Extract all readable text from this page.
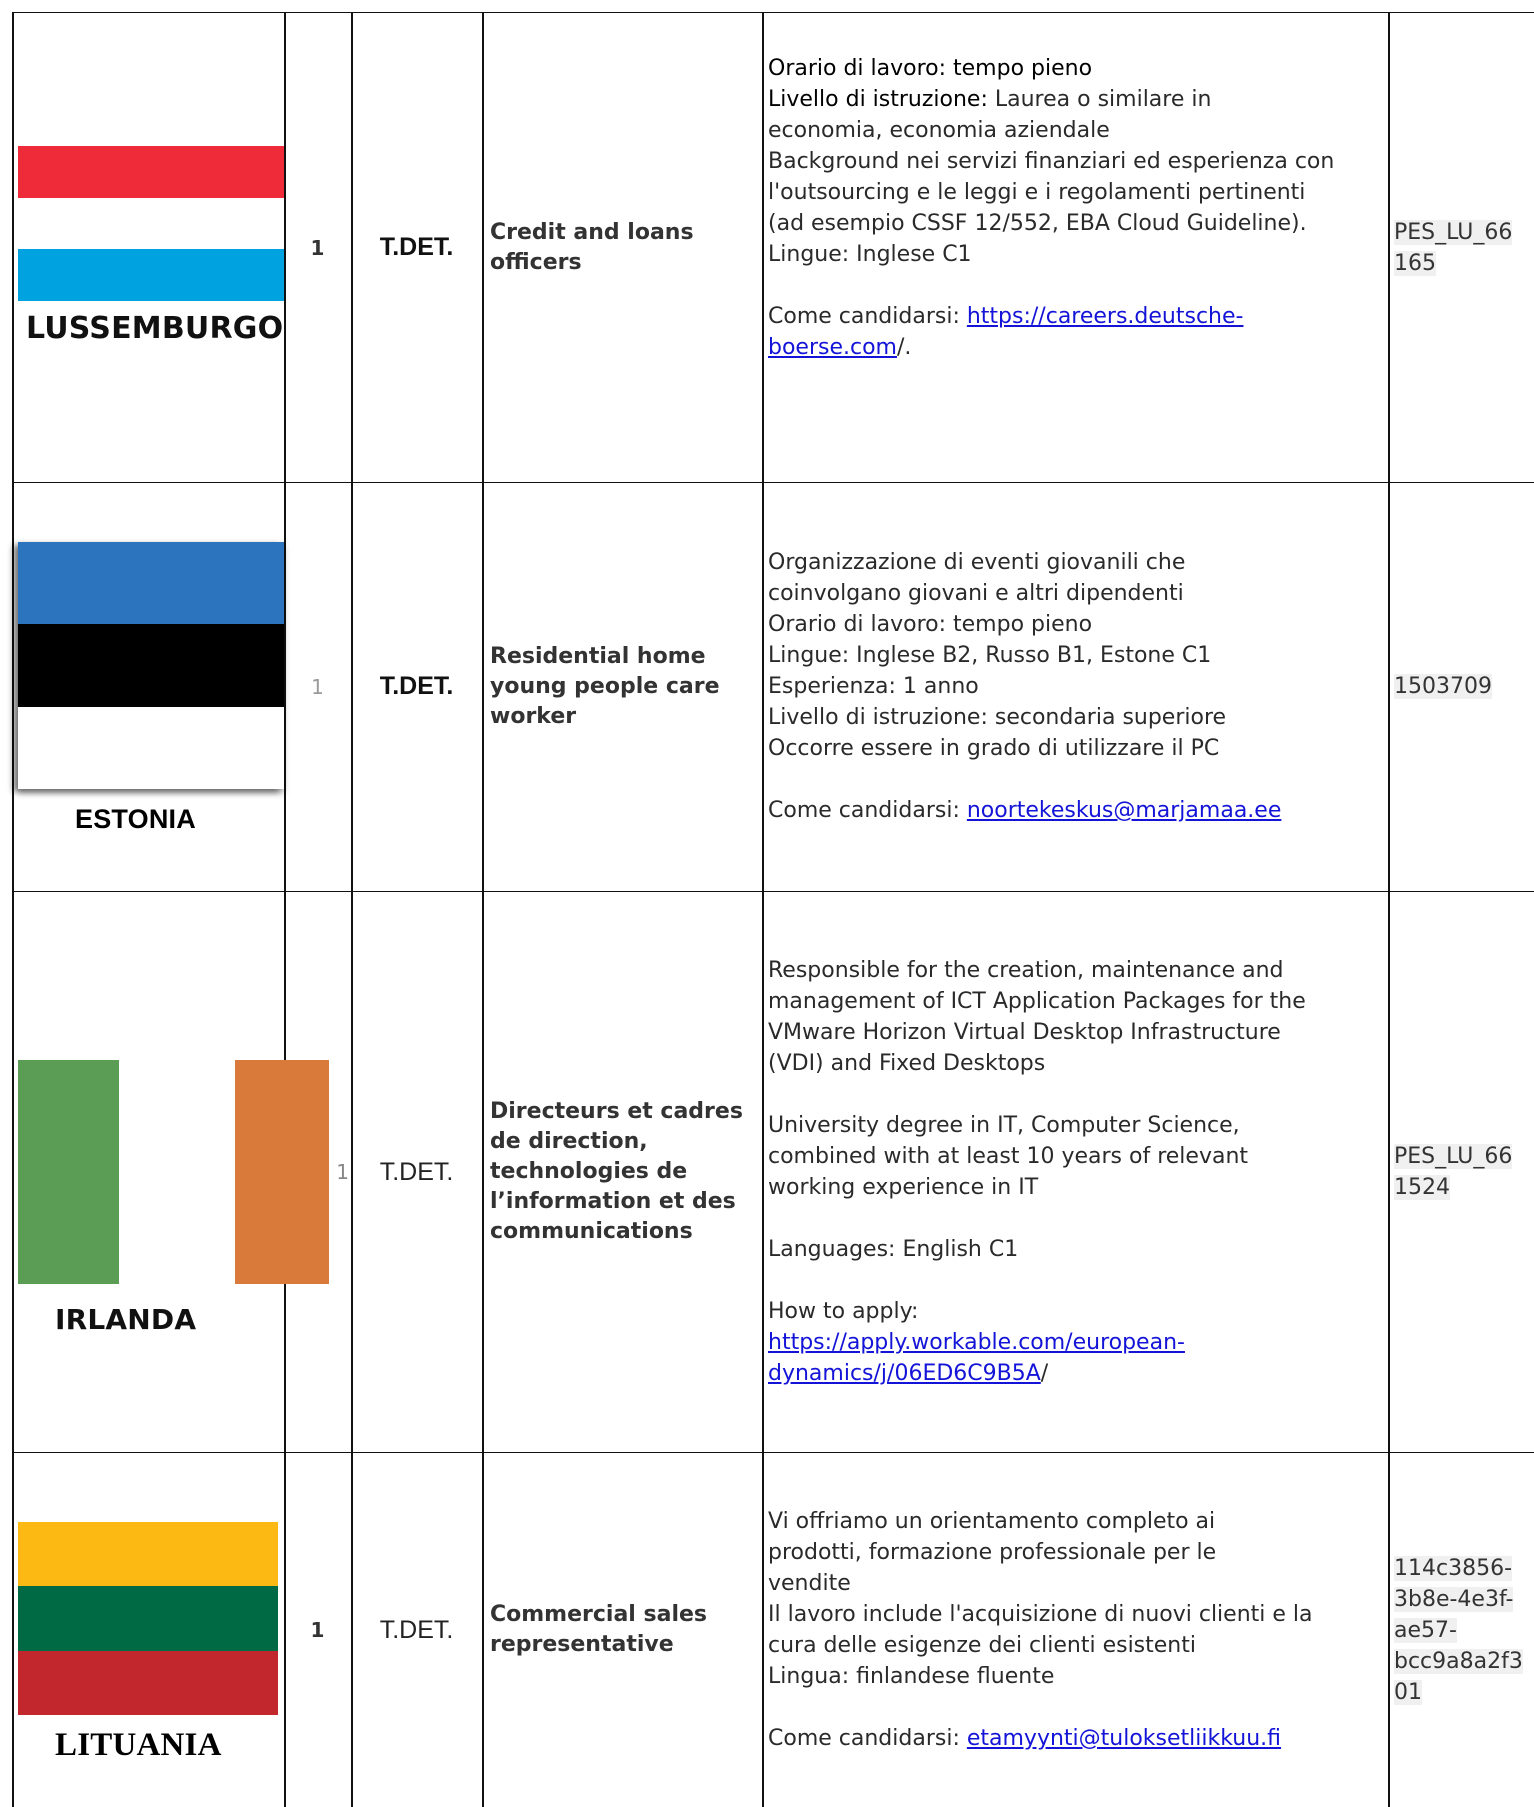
LUSSEMBURGO
1 T.DET.
Credit and loans
officers
Orario di lavoro: tempo pieno
Livello di istruzione: Laurea o similare in
economia, economia aziendale
Background nei servizi finanziari ed esperienza con
l'outsourcing e le leggi e i regolamenti pertinenti
(ad esempio CSSF 12/552, EBA Cloud Guideline).
Lingue: Inglese C1
Come candidarsi: https://careers.deutsche-
boerse.com/.
PES_LU_66
165
ESTONIA
1 T.DET.
Residential home
young people care
worker
Organizzazione di eventi giovanili che
coinvolgano giovani e altri dipendenti
Orario di lavoro: tempo pieno
Lingue: Inglese B2, Russo B1, Estone C1
Esperienza: 1 anno
Livello di istruzione: secondaria superiore
Occorre essere in grado di utilizzare il PC
Come candidarsi: noortekeskus@marjamaa.ee
1503709
IRLANDA
1 T.DET.
Directeurs et cadres
de direction,
technologies de
l’information et des
communications
Responsible for the creation, maintenance and
management of ICT Application Packages for the
VMware Horizon Virtual Desktop Infrastructure
(VDI) and Fixed Desktops
University degree in IT, Computer Science,
combined with at least 10 years of relevant
working experience in IT
Languages: English C1
How to apply:
https://apply.workable.com/european-
dynamics/j/06ED6C9B5A/
PES_LU_66
1524
LITUANIA
1 T.DET.
Commercial sales
representative
Vi offriamo un orientamento completo ai
prodotti, formazione professionale per le
vendite
Il lavoro include l'acquisizione di nuovi clienti e la
cura delle esigenze dei clienti esistenti
Lingua: finlandese fluente
Come candidarsi: etamyynti@tuloksetliikkuu.fi
114c3856-
3b8e-4e3f-
ae57-
bcc9a8a2f3
01
